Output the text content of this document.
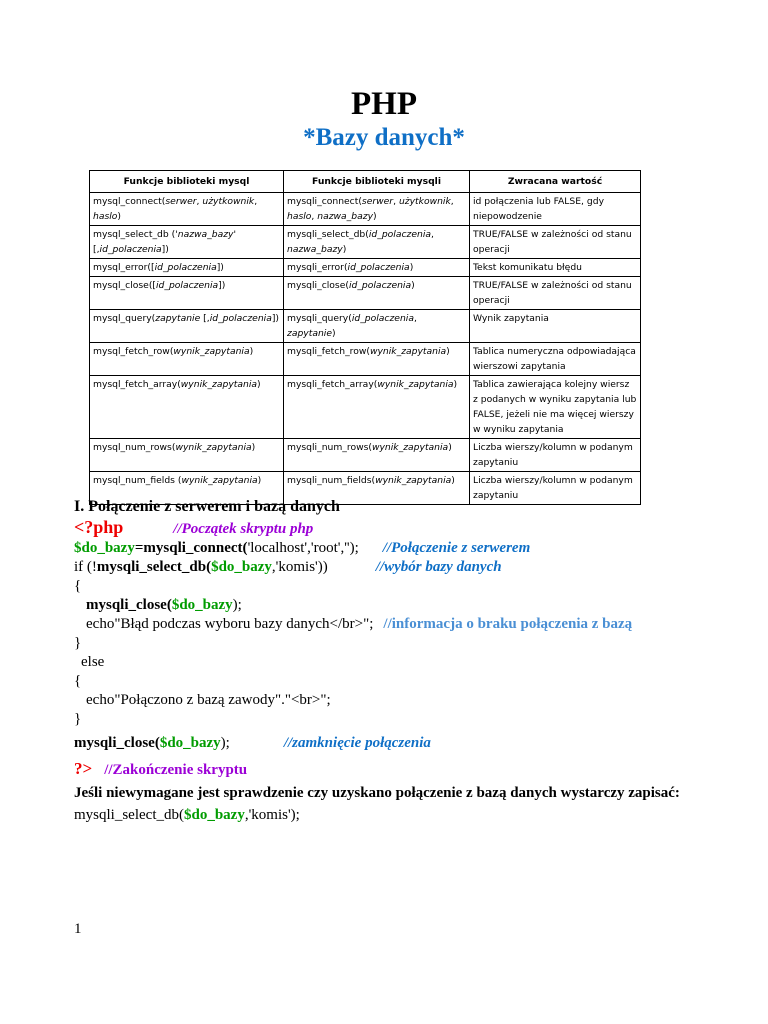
PHP
*Bazy danych*
Funkcje biblioteki mysql	Funkcje biblioteki mysqli	Zwracana wartość
mysql_connect(serwer, użytkownik, haslo)	mysqli_connect(serwer, użytkownik, haslo, nazwa_bazy)	id połączenia lub FALSE, gdy niepowodzenie
mysql_select_db ('nazwa_bazy' [,id_polaczenia])	mysqli_select_db(id_polaczenia, nazwa_bazy)	TRUE/FALSE w zależności od stanu operacji
mysql_error([id_polaczenia])	mysqli_error(id_polaczenia)	Tekst komunikatu błędu
mysql_close([id_polaczenia])	mysqli_close(id_polaczenia)	TRUE/FALSE w zależności od stanu operacji
mysql_query(zapytanie [,id_polaczenia])	mysqli_query(id_polaczenia, zapytanie)	Wynik zapytania
mysql_fetch_row(wynik_zapytania)	mysqli_fetch_row(wynik_zapytania)	Tablica numeryczna odpowiadająca wierszowi zapytania
mysql_fetch_array(wynik_zapytania)	mysqli_fetch_array(wynik_zapytania)	Tablica zawierająca kolejny wiersz z podanych w wyniku zapytania lub FALSE, jeżeli nie ma więcej wierszy w wyniku zapytania
mysql_num_rows(wynik_zapytania)	mysqli_num_rows(wynik_zapytania)	Liczba wierszy/kolumn w podanym zapytaniu
mysql_num_fields (wynik_zapytania)	mysqli_num_fields(wynik_zapytania)	Liczba wierszy/kolumn w podanym zapytaniu
I. Połączenie z serwerem i bazą danych
<?php	//Początek skryptu php
$do_bazy=mysqli_connect('localhost','root',''); //Połączenie z serwerem
if (!mysqli_select_db($do_bazy,'komis'))	//wybór bazy danych
{
mysqli_close($do_bazy);
echo"Błąd podczas wyboru bazy danych</br>"; //informacja o braku połączenia z bazą
}
else
{
echo"Połączono z bazą zawody"."<br>";
}
mysqli_close($do_bazy);	//zamknięcie połączenia
?> //Zakończenie skryptu
Jeśli niewymagane jest sprawdzenie czy uzyskano połączenie z bazą danych wystarczy zapisać:
mysqli_select_db($do_bazy,'komis');
1
